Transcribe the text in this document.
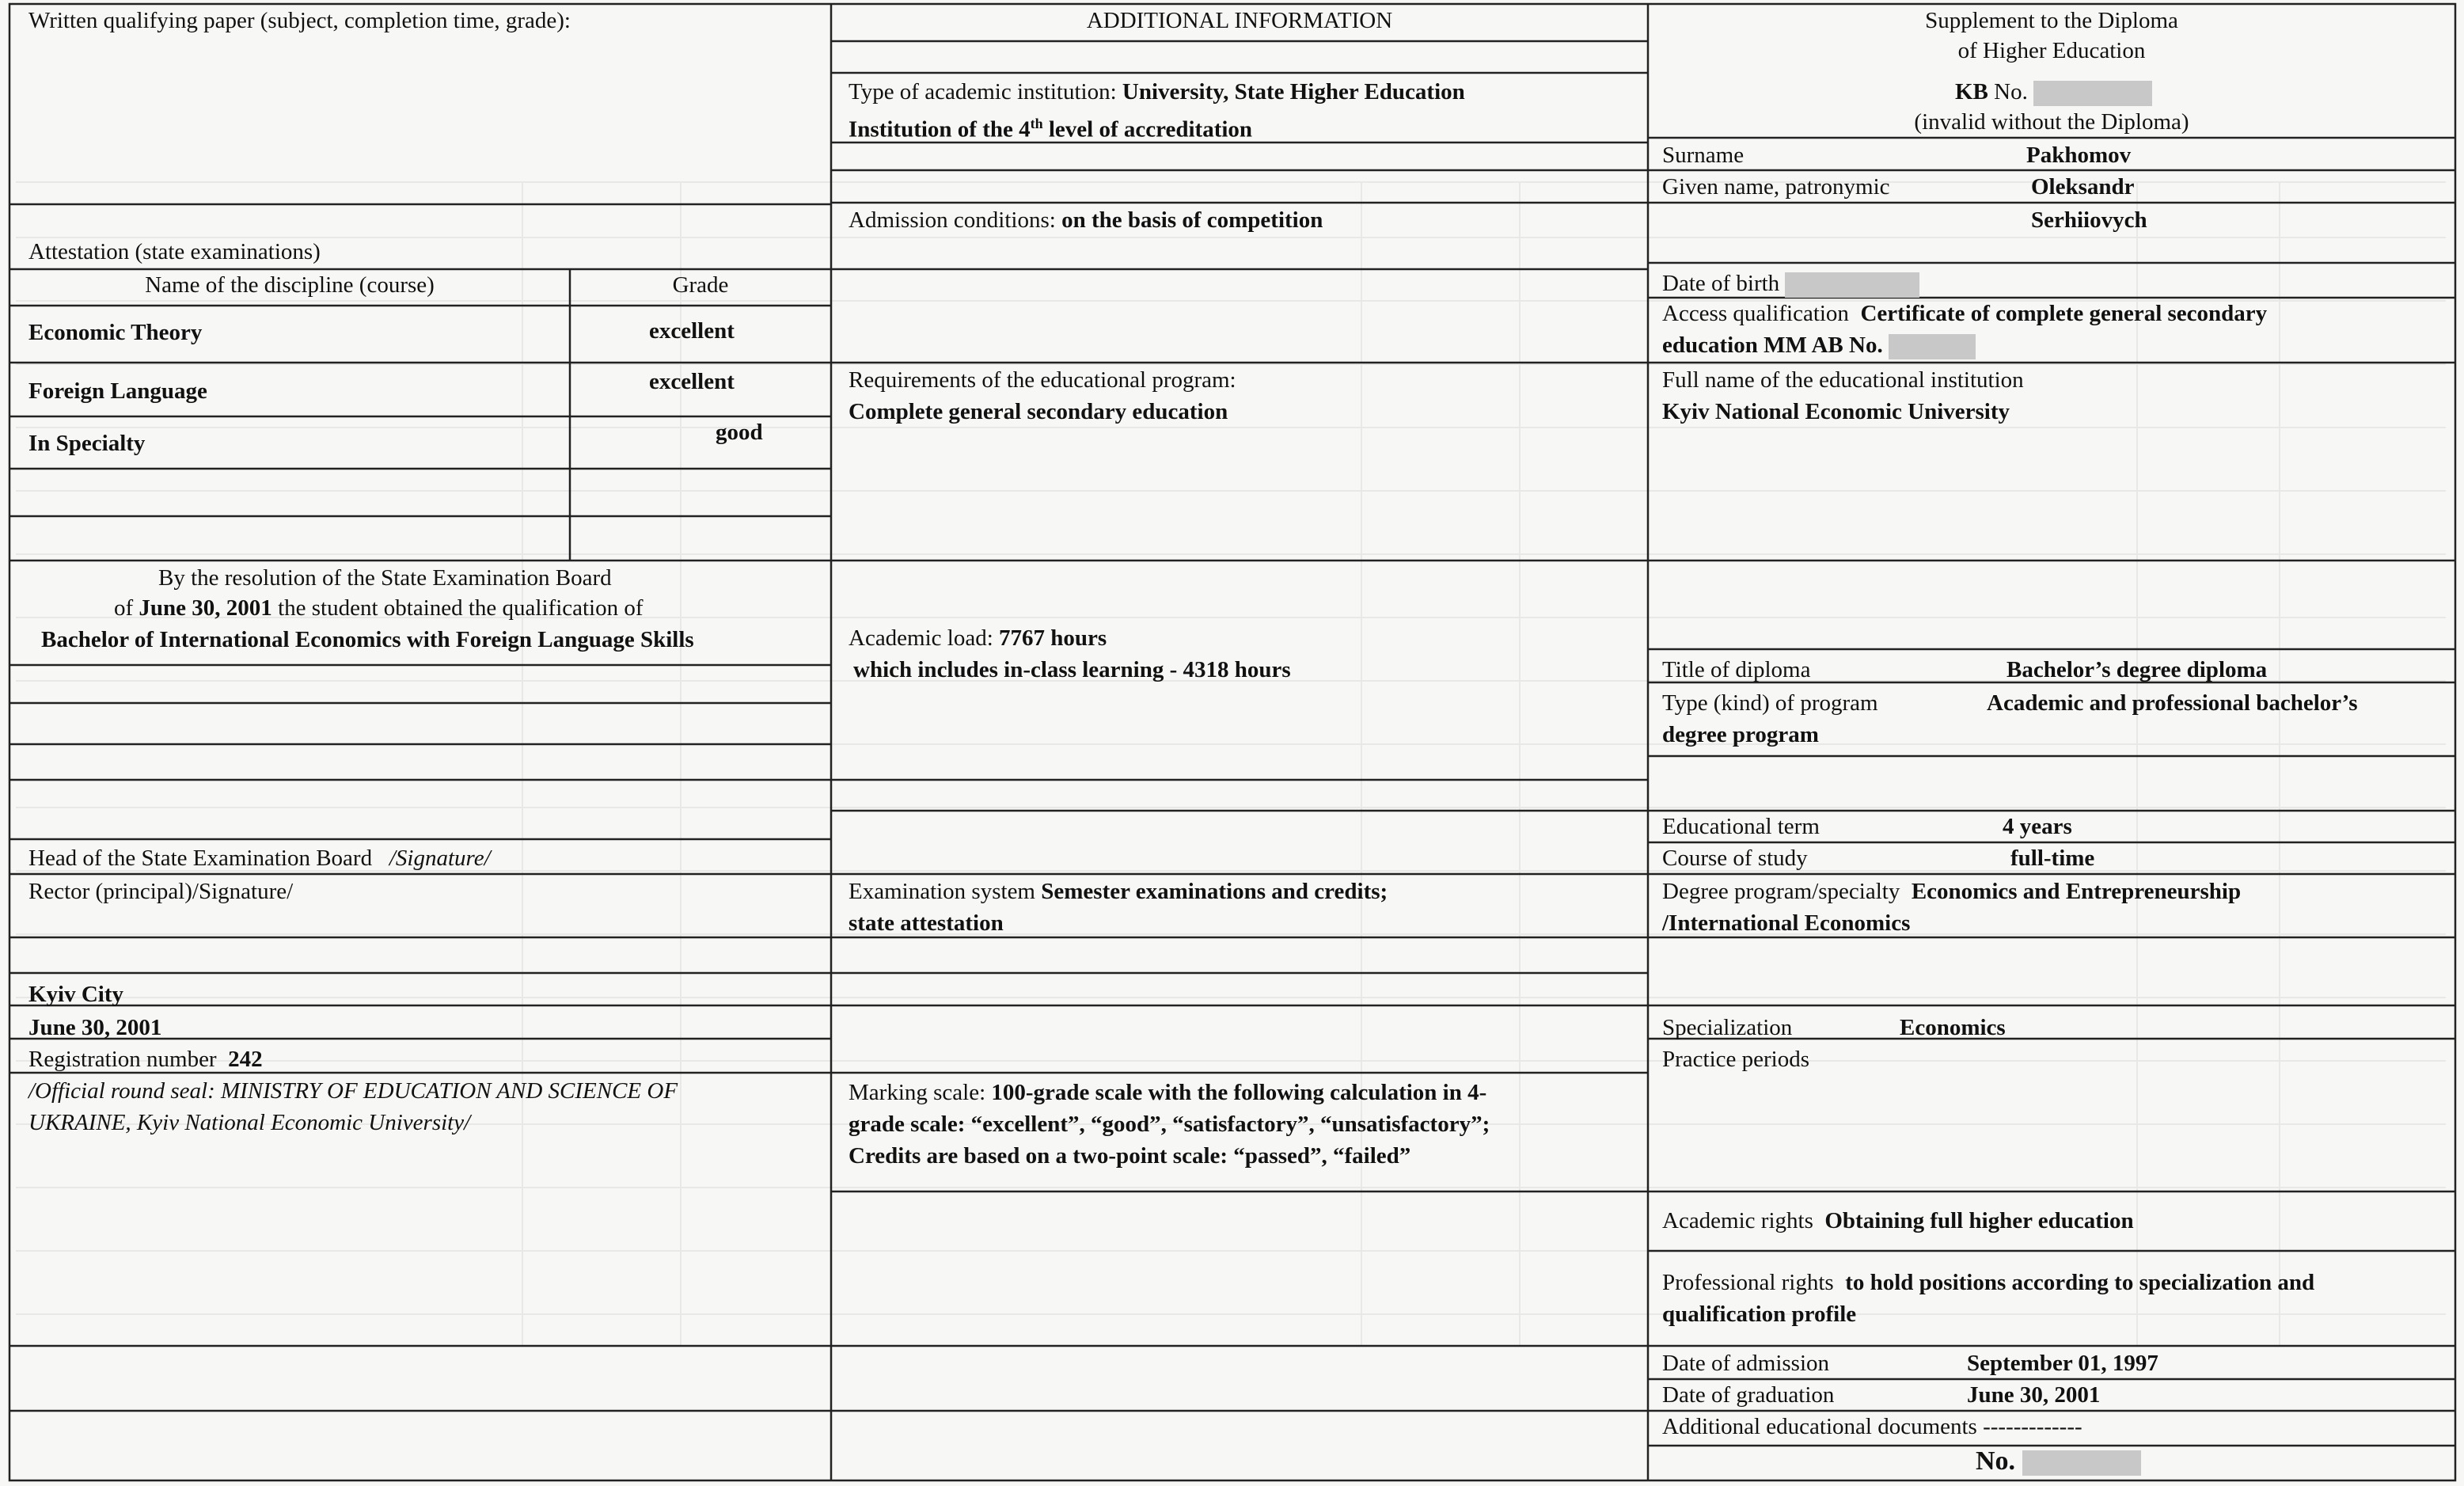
Written qualifying paper (subject, completion time, grade):
Attestation (state examinations)
Name of the discipline (course)	Grade
Economic Theory	excellent
Foreign Language	excellent
In Specialty	good
By the resolution of the State Examination Board
of June 30, 2001 the student obtained the qualification of
Bachelor of International Economics with Foreign Language Skills
Head of the State Examination Board /Signature/
Rector (principal)/Signature/
Kyiv City
June 30, 2001
Registration number 242
/Official round seal: MINISTRY OF EDUCATION AND SCIENCE OF
UKRAINE, Kyiv National Economic University/
ADDITIONAL INFORMATION
Type of academic institution: University, State Higher Education
Institution of the 4th level of accreditation
Admission conditions: on the basis of competition
Requirements of the educational program:
Complete general secondary education
Academic load: 7767 hours
which includes in-class learning - 4318 hours
Examination system Semester examinations and credits;
state attestation
Marking scale: 100-grade scale with the following calculation in 4-
grade scale: “excellent”, “good”, “satisfactory”, “unsatisfactory”;
Credits are based on a two-point scale: “passed”, “failed”
Supplement to the Diploma
of Higher Education
KB No.
(invalid without the Diploma)
Surname	Pakhomov
Given name, patronymic	Oleksandr
Serhiiovych
Date of birth
Access qualification Certificate of complete general secondary
education MM AB No.
Full name of the educational institution
Kyiv National Economic University
Title of diploma	Bachelor’s degree diploma
Type (kind) of program	Academic and professional bachelor’s
degree program
Educational term	4 years
Course of study	full-time
Degree program/specialty Economics and Entrepreneurship
/International Economics
Specialization	Economics
Practice periods
Academic rights Obtaining full higher education
Professional rights to hold positions according to specialization and
qualification profile
Date of admission	September 01, 1997
Date of graduation	June 30, 2001
Additional educational documents -------------
No.
